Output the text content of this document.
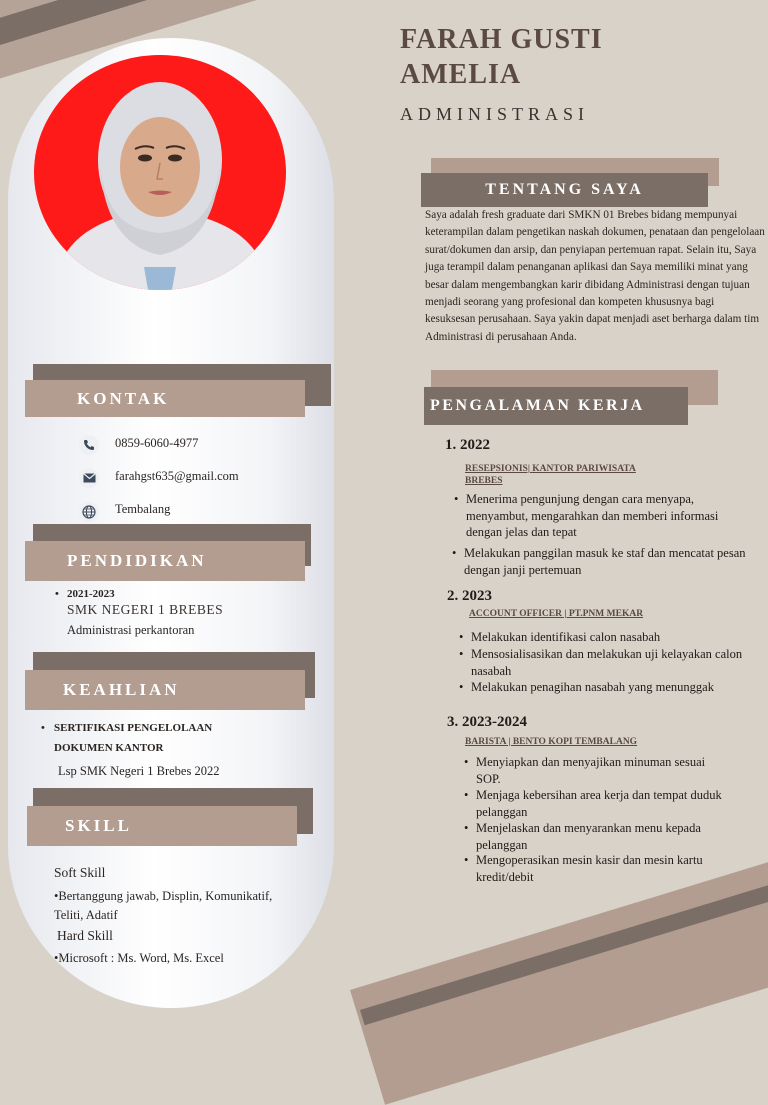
FARAH GUSTI
AMELIA
ADMINISTRASI
TENTANG SAYA
Saya adalah fresh graduate dari SMKN 01 Brebes bidang mempunyai keterampilan dalam pengetikan naskah dokumen, penataan dan pengelolaan surat/dokumen dan arsip, dan penyiapan pertemuan rapat. Selain itu, Saya juga terampil dalam penanganan aplikasi dan Saya memiliki minat yang besar dalam mengembangkan karir dibidang Administrasi dengan tujuan menjadi seorang yang profesional dan kompeten khususnya bagi kesuksesan perusahaan. Saya yakin dapat menjadi aset berharga dalam tim Administrasi di perusahaan Anda.
PENGALAMAN KERJA
1. 2022
RESEPSIONIS| KANTOR PARIWISATA
BREBES
• Menerima pengunjung dengan cara menyapa, menyambut, mengarahkan dan memberi informasi dengan jelas dan tepat
• Melakukan panggilan masuk ke staf dan mencatat pesan dengan janji pertemuan
2. 2023
ACCOUNT OFFICER | PT.PNM MEKAR
• Melakukan identifikasi calon nasabah
• Mensosialisasikan dan melakukan uji kelayakan calon nasabah
• Melakukan penagihan nasabah yang menunggak
3. 2023-2024
BARISTA | BENTO KOPI TEMBALANG
• Menyiapkan dan menyajikan minuman sesuai SOP.
• Menjaga kebersihan area kerja dan tempat duduk pelanggan
• Menjelaskan dan menyarankan menu kepada pelanggan
• Mengoperasikan mesin kasir dan mesin kartu kredit/debit
KONTAK
0859-6060-4977
farahgst635@gmail.com
Tembalang
PENDIDIKAN
• 2021-2023
SMK NEGERI 1 BREBES
Administrasi perkantoran
KEAHLIAN
• SERTIFIKASI PENGELOLAAN
DOKUMEN KANTOR
Lsp SMK Negeri 1 Brebes 2022
SKILL
Soft Skill
•Bertanggung jawab, Displin, Komunikatif,
Teliti, Adatif
Hard Skill
•Microsoft : Ms. Word, Ms. Excel
